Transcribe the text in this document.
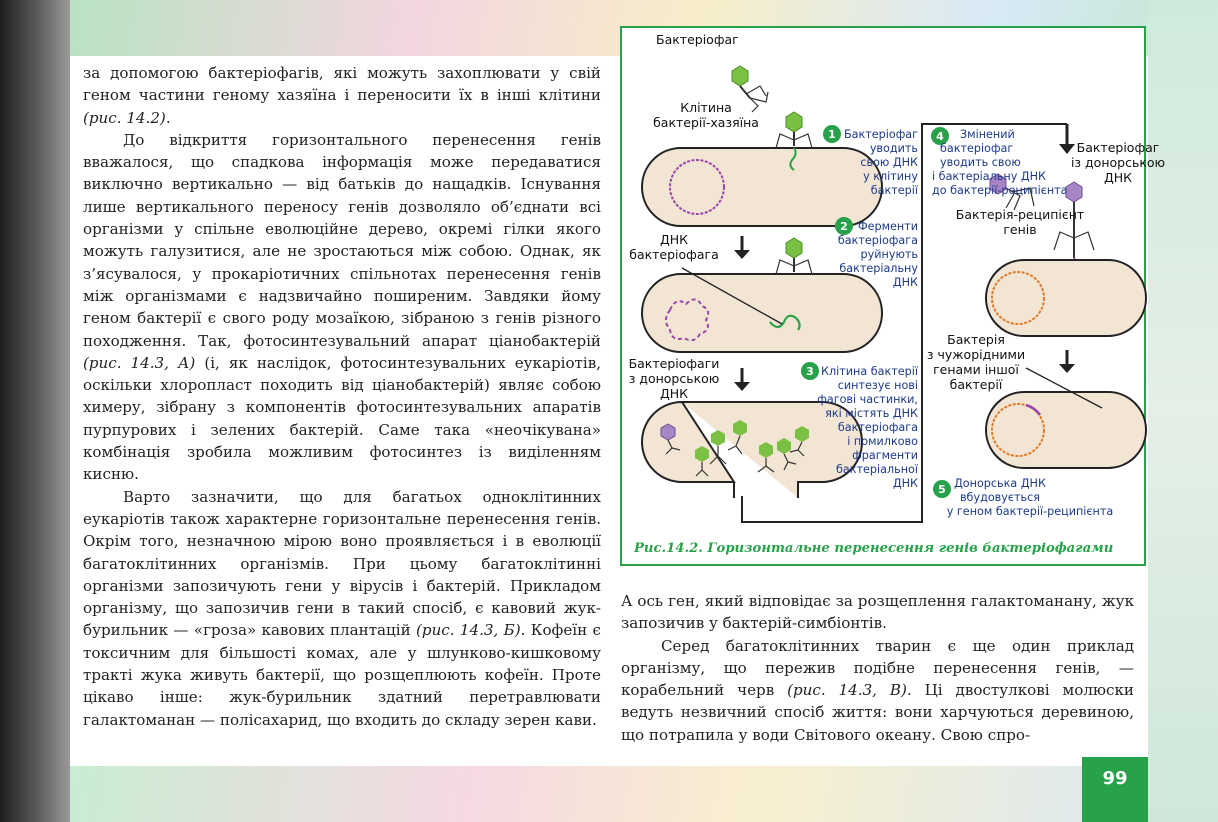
за допомогою бактеріофагів, які можуть захоплювати у свій геном частини геному хазяїна і переносити їх в інші клітини (рис. 14.2).

До відкриття горизонтального перенесення генів вважалося, що спадкова інформація може передаватися виключно вертикально — від батьків до нащадків. Існування лише вертикального переносу генів дозволяло об’єднати всі організми у спільне еволюційне дерево, окремі гілки якого можуть галузитися, але не зростаються між собою. Однак, як з’ясувалося, у прокаріотичних спільнотах перенесення генів між організмами є надзвичайно поширеним. Завдяки йому геном бактерії є свого роду мозаїкою, зібраною з генів різного походження. Так, фотосинтезувальний апарат ціанобактерій (рис. 14.3, А) (і, як наслідок, фотосинтезувальних еукаріотів, оскільки хлоропласт походить від ціанобактерій) являє собою химеру, зібрану з компонентів фотосинтезувальних апаратів пурпурових і зелених бактерій. Саме така «неочікувана» комбінація зробила можливим фотосинтез із виділенням кисню.

Варто зазначити, що для багатьох одноклітинних еукаріотів також характерне горизонтальне перенесення генів. Окрім того, незначною мірою воно проявляється і в еволюції багатоклітинних організмів. При цьому багатоклітинні організми запозичують гени у вірусів і бактерій. Прикладом організму, що запозичив гени в такий спосіб, є кавовий жук-бурильник — «гроза» кавових плантацій (рис. 14.3, Б). Кофеїн є токсичним для більшості комах, але у шлунково-кишковому тракті жука живуть бактерії, що розщеплюють кофеїн. Проте цікаво інше: жук-бурильник здатний перетравлювати галактоманан — полісахарид, що входить до складу зерен кави.

А ось ген, який відповідає за розщеплення галактоманану, жук запозичив у бактерій-симбіонтів.

Серед багатоклітинних тварин є ще один приклад організму, що пережив подібне перенесення генів, — корабельний черв (рис. 14.3, В). Ці двостулкові молюски ведуть незвичний спосіб життя: вони харчуються деревиною, що потрапила у води Світового океану. Свою спро-

Бактеріофаг
Клітина
бактерії-хазяїна
ДНК
бактеріофага
Бактеріофаги
з донорською
ДНК
Бактеріофаг
із донорською
ДНК
Бактерія-реципієнт
генів
Бактерія
з чужорідними
генами іншої
бактерії
1
2
3
4
5
Бактеріофаг
уводить
свою ДНК
у клітину
бактерії
Ферменти
бактеріофага
руйнують
бактеріальну
ДНК
Клітина бактерії
синтезує нові
фагові частинки,
які містять ДНК
бактеріофага
і помилково
фрагменти
бактеріальної
ДНК
Змінений
бактеріофаг
уводить свою
і бактеріальну ДНК
до бактерії-реципієнта
Донорська ДНК
вбудовується
у геном бактерії-реципієнта
Рис.14.2. Горизонтальне перенесення генів бактеріофагами
99
